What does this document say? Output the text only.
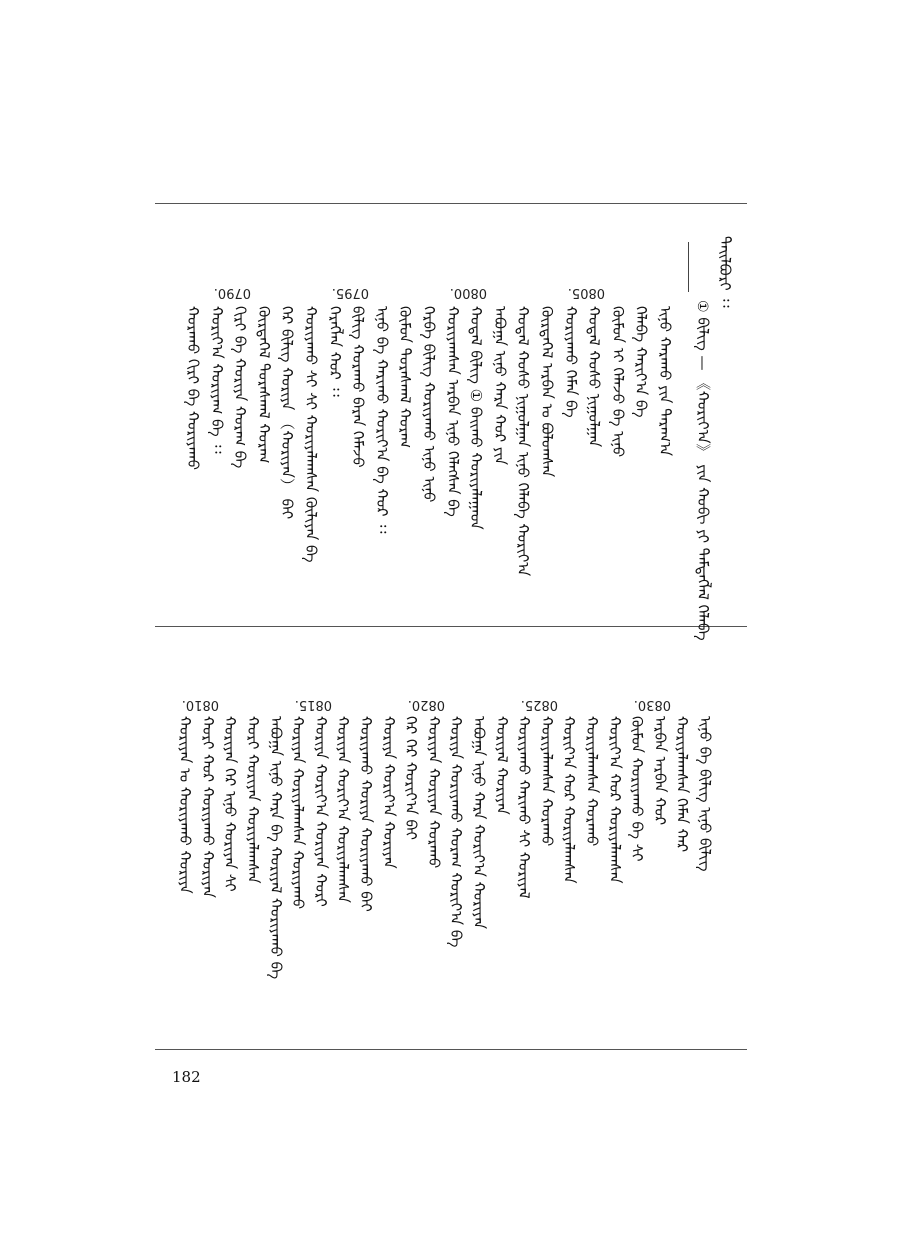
ᠲᠠᠢᠯᠪᠤᠷᠢ ᠄᠄
① ᠪᠢᠯᠢᠭ — 《ᠬᠤᠷᠢᠶ᠎ᠠ》 ᠶᠢᠨ ᠬᠤᠪᠢ ᠶᠢ ᠲᠡᠮᠳᠡᠭᠯᠡᠯ ᠬᠡᠯᠡᠪᠡ
ᠢᠨᠦ ᠬᠠᠷᠠᠬᠤ ᠶᠢᠨ ᠳᠠᠷᠠᠭ᠎ᠠ
ᠬᠡᠯᠡᠪᠡ ᠬᠠᠷᠢᠶ᠎ᠠ ᠪᠠ
ᠬᠦᠮᠦᠨ ᠢ ᠬᠡᠯᠡᠵᠦ ᠪᠠ ᠢᠨᠦ
ᠬᠤᠳᠠᠯ ᠬᠤᠰᠤ ᠨᠢᠭᠤᠯᠭᠠᠨ
0805.
ᠬᠤᠷᠢᠶᠠᠬᠤ ᠬᠡᠮᠡᠨ ᠪᠠ
ᠬᠦᠷᠲᠡᠭᠡᠯ ᠠᠷᠪᠠᠨ ᠤ ᠪᠤᠯᠤᠭᠰᠠᠨ
ᠬᠤᠳᠠᠯ ᠬᠤᠰᠤ ᠨᠢᠭᠤᠯᠭᠠᠨ ᠢᠨᠦ ᠬᠡᠯᠡᠪᠡ ᠬᠤᠷᠢᠶ᠎ᠠ
ᠠᠪᠤᠭᠠ ᠢᠨᠦ ᠬᠠᠷᠠ ᠬᠤᠷ ᠶᠢᠨ
ᠬᠤᠳᠠᠯ ᠪᠢᠯᠢᠭ ① ᠪᠠᠢᠬᠤ ᠬᠤᠷᠢᠶᠠᠯᠠᠭᠠᠳ
0800.
ᠬᠤᠷᠢᠶᠠᠭᠰᠠᠨ ᠠᠷᠪᠠᠨ ᠢᠨᠦ ᠬᠡᠯᠡᠭᠰᠡᠨ ᠪᠠ
ᠬᠡᠷᠪᠡ ᠪᠢᠯᠢᠭ ᠬᠤᠷᠢᠶᠠᠬᠤ ᠢᠨᠦ ᠢᠨᠦ
ᠬᠦᠮᠦᠨ ᠳᠤᠷᠠᠰᠬᠠᠯ ᠬᠤᠷᠠᠭ
ᠢᠨᠦ ᠪᠠ ᠬᠠᠷᠢᠬᠤ ᠬᠤᠷᠢᠶ᠎ᠠ ᠪᠠ ᠬᠤᠷ ᠄᠄
ᠪᠢᠯᠢᠭ ᠬᠤᠷᠠᠬᠤ ᠪᠠᠷᠠᠨ ᠬᠡᠮᠡᠵᠦ
0795.
ᠬᠡᠷᠡᠭᠯᠡᠨ ᠬᠤᠷ ᠄᠄
ᠬᠤᠷᠢᠶᠠᠬᠤ ᠰᠢ ᠰᠢ ᠬᠤᠷᠢᠶᠠᠯᠠᠭᠰᠠᠨ ᠬᠦᠯᠢᠶᠡᠨ ᠪᠠ
ᠬᠡᠷ ᠪᠢᠯᠢᠭ ᠬᠤᠷᠢᠶᠠ （ᠬᠤᠷᠢᠶᠠᠨ） ᠪᠠᠢ
ᠬᠦᠷᠲᠡᠭᠡᠯ ᠳᠤᠷᠠᠰᠬᠠᠯ ᠬᠤᠷᠠᠭ
ᠬᠢᠷᠢ ᠪᠠ ᠬᠤᠷᠢᠶᠠ ᠬᠤᠷᠠᠭ ᠪᠠ
0790.
ᠬᠤᠷᠢᠶ᠎ᠠ ᠬᠤᠷᠢᠶᠠᠭ ᠪᠠ ᠄᠄
ᠬᠤᠷᠠᠬᠤ ᠬᠢᠷᠢ ᠪᠠ ᠬᠤᠷᠢᠶᠠᠬᠤ
ᠢᠨᠦ ᠪᠠ ᠪᠢᠯᠢᠭ ᠢᠨᠦ ᠪᠢᠯᠢᠭ
ᠬᠤᠷᠢᠶᠠᠯᠠᠭᠰᠠᠨ ᠬᠡᠮᠡᠨ ᠬᠠᠷ
ᠠᠷᠪᠠᠨ ᠠᠷᠪᠠᠨ ᠬᠤᠷ
0830.
ᠬᠦᠮᠦᠨ ᠬᠤᠷᠢᠶᠠᠬᠤ ᠪᠠ ᠰᠢ
ᠬᠤᠷᠢᠶ᠎ᠠ ᠬᠤᠷ ᠬᠤᠷᠢᠶᠠᠯᠠᠭᠰᠠᠨ
ᠬᠤᠷᠢᠶᠠᠯᠠᠭᠰᠠᠨ ᠬᠤᠷᠠᠬᠤ
ᠬᠤᠷᠢᠶ᠎ᠠ ᠬᠤᠷ ᠬᠤᠷᠢᠶᠠᠯᠠᠭᠰᠠᠨ
ᠬᠤᠷᠢᠶᠠᠯᠠᠭᠰᠠᠨ ᠬᠤᠷᠠᠬᠤ
0825.
ᠬᠤᠷᠢᠶᠠᠬᠤ ᠬᠠᠷᠢᠬᠤ ᠰᠢ ᠬᠤᠷᠢᠶᠠᠯ
ᠬᠤᠷᠢᠶᠠᠯ ᠬᠤᠷᠢᠶᠠᠨ
ᠠᠪᠤᠭᠠ ᠢᠨᠦ ᠬᠠᠷᠠ ᠬᠤᠷᠢᠶ᠎ᠠ ᠬᠤᠷᠢᠶᠠᠨ
ᠬᠤᠷᠢᠶᠠ ᠬᠤᠷᠢᠶᠠᠬᠤ ᠬᠤᠷᠠᠭ ᠬᠤᠷᠢᠶ᠎ᠠ ᠪᠠ
ᠬᠤᠷᠢᠶᠠᠨ ᠬᠤᠷᠢᠶᠠᠨ ᠬᠤᠷᠠᠬᠤ
0820.
ᠬᠡᠷ ᠬᠡᠷ ᠬᠤᠷᠢᠶ᠎ᠠ ᠪᠠᠢ
ᠬᠤᠷᠢᠶᠠ ᠬᠤᠷᠢᠶ᠎ᠠ ᠬᠤᠷᠢᠶᠠᠨ
ᠬᠤᠷᠢᠶᠠᠬᠤ ᠬᠤᠷᠢᠶᠠ ᠬᠤᠷᠢᠶᠠᠬᠤ ᠪᠠᠢ
ᠬᠤᠷᠢᠶᠠᠨ ᠬᠤᠷᠢᠶ᠎ᠠ ᠬᠤᠷᠢᠶᠠᠯᠠᠭᠰᠠᠨ
ᠬᠤᠷᠢᠶᠠ ᠬᠤᠷᠢᠶ᠎ᠠ ᠬᠤᠷᠢᠶᠠᠨ ᠬᠤᠷᠢ
0815.
ᠬᠤᠷᠢᠶᠠᠨ ᠬᠤᠷᠢᠶᠠᠯᠠᠭᠰᠠᠨ ᠬᠤᠷᠢᠶᠠᠬᠤ
ᠠᠪᠤᠭᠠ ᠢᠨᠦ ᠬᠠᠷᠠ ᠪᠠ ᠬᠤᠷᠢᠶᠠᠯ ᠬᠤᠷᠢᠶᠠᠬᠤ ᠪᠠ
ᠬᠤᠷᠢ ᠬᠤᠷᠢᠶᠠᠨ ᠬᠤᠷᠢᠶᠠᠯᠠᠭᠰᠠᠨ
ᠬᠤᠷᠢᠶᠠᠨ ᠬᠡᠷ ᠢᠨᠦ ᠬᠤᠷᠢᠶᠠᠨ ᠰᠢ
ᠬᠤᠷᠢ ᠬᠤᠷ ᠬᠤᠷᠢᠶᠠᠬᠤ ᠬᠤᠷᠢᠶᠠᠨ
0810.
ᠬᠤᠷᠢᠶᠠᠨ ᠤ ᠬᠤᠷᠢᠶᠠᠬᠤ ᠬᠤᠷᠢᠶᠠ
182
